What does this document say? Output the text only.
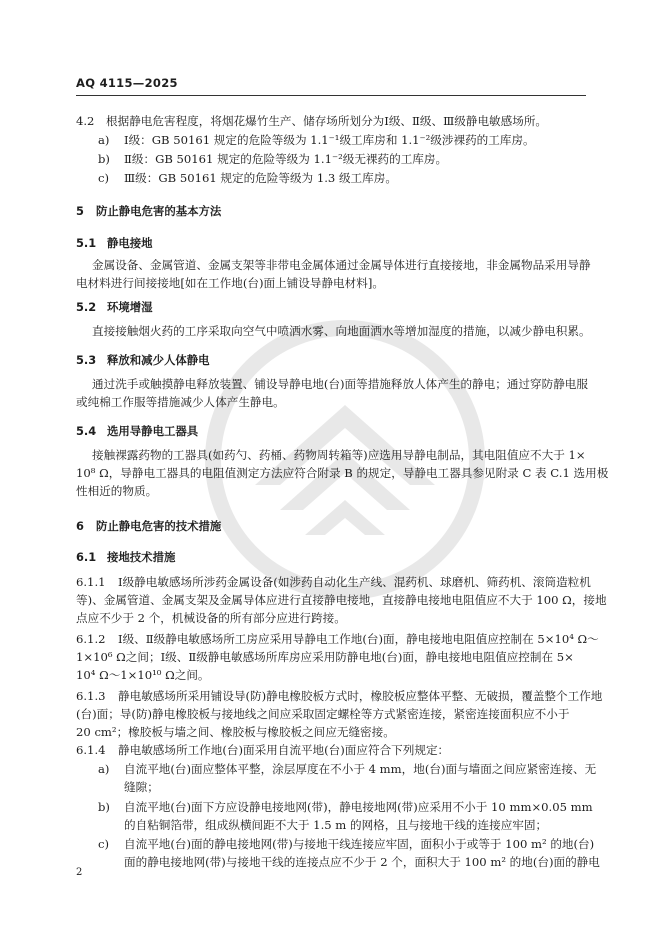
AQ 4115—2025
4.2 根据静电危害程度，将烟花爆竹生产、储存场所划分为Ⅰ级、Ⅱ级、Ⅲ级静电敏感场所。
a) Ⅰ级：GB 50161 规定的危险等级为 1.1⁻¹级工库房和 1.1⁻²级涉裸药的工库房。
b) Ⅱ级：GB 50161 规定的危险等级为 1.1⁻²级无裸药的工库房。
c) Ⅲ级：GB 50161 规定的危险等级为 1.3 级工库房。
5 防止静电危害的基本方法
5.1 静电接地
金属设备、金属管道、金属支架等非带电金属体通过金属导体进行直接接地，非金属物品采用导静
电材料进行间接接地[如在工作地(台)面上铺设导静电材料]。
5.2 环境增湿
直接接触烟火药的工序采取向空气中喷洒水雾、向地面洒水等增加湿度的措施，以减少静电积累。
5.3 释放和减少人体静电
通过洗手或触摸静电释放装置、铺设导静电地(台)面等措施释放人体产生的静电；通过穿防静电服
或纯棉工作服等措施减少人体产生静电。
5.4 选用导静电工器具
接触裸露药物的工器具(如药勺、药桶、药物周转箱等)应选用导静电制品，其电阻值应不大于 1×
10⁸ Ω，导静电工器具的电阻值测定方法应符合附录 B 的规定，导静电工器具参见附录 C 表 C.1 选用极
性相近的物质。
6 防止静电危害的技术措施
6.1 接地技术措施
6.1.1 Ⅰ级静电敏感场所涉药金属设备(如涉药自动化生产线、混药机、球磨机、筛药机、滚筒造粒机
等)、金属管道、金属支架及金属导体应进行直接静电接地，直接静电接地电阻值应不大于 100 Ω，接地
点应不少于 2 个，机械设备的所有部分应进行跨接。
6.1.2 Ⅰ级、Ⅱ级静电敏感场所工房应采用导静电工作地(台)面，静电接地电阻值应控制在 5×10⁴ Ω～
1×10⁶ Ω之间；Ⅰ级、Ⅱ级静电敏感场所库房应采用防静电地(台)面，静电接地电阻值应控制在 5×
10⁴ Ω～1×10¹⁰ Ω之间。
6.1.3 静电敏感场所采用铺设导(防)静电橡胶板方式时，橡胶板应整体平整、无破损，覆盖整个工作地
(台)面；导(防)静电橡胶板与接地线之间应采取固定螺栓等方式紧密连接，紧密连接面积应不小于
20 cm²；橡胶板与墙之间、橡胶板与橡胶板之间应无缝密接。
6.1.4 静电敏感场所工作地(台)面采用自流平地(台)面应符合下列规定：
a) 自流平地(台)面应整体平整，涂层厚度在不小于 4 mm，地(台)面与墙面之间应紧密连接、无
缝隙；
b) 自流平地(台)面下方应设静电接地网(带)，静电接地网(带)应采用不小于 10 mm×0.05 mm
的自粘铜箔带，组成纵横间距不大于 1.5 m 的网格，且与接地干线的连接应牢固；
c) 自流平地(台)面的静电接地网(带)与接地干线连接应牢固，面积小于或等于 100 m² 的地(台)
面的静电接地网(带)与接地干线的连接点应不少于 2 个，面积大于 100 m² 的地(台)面的静电
2
